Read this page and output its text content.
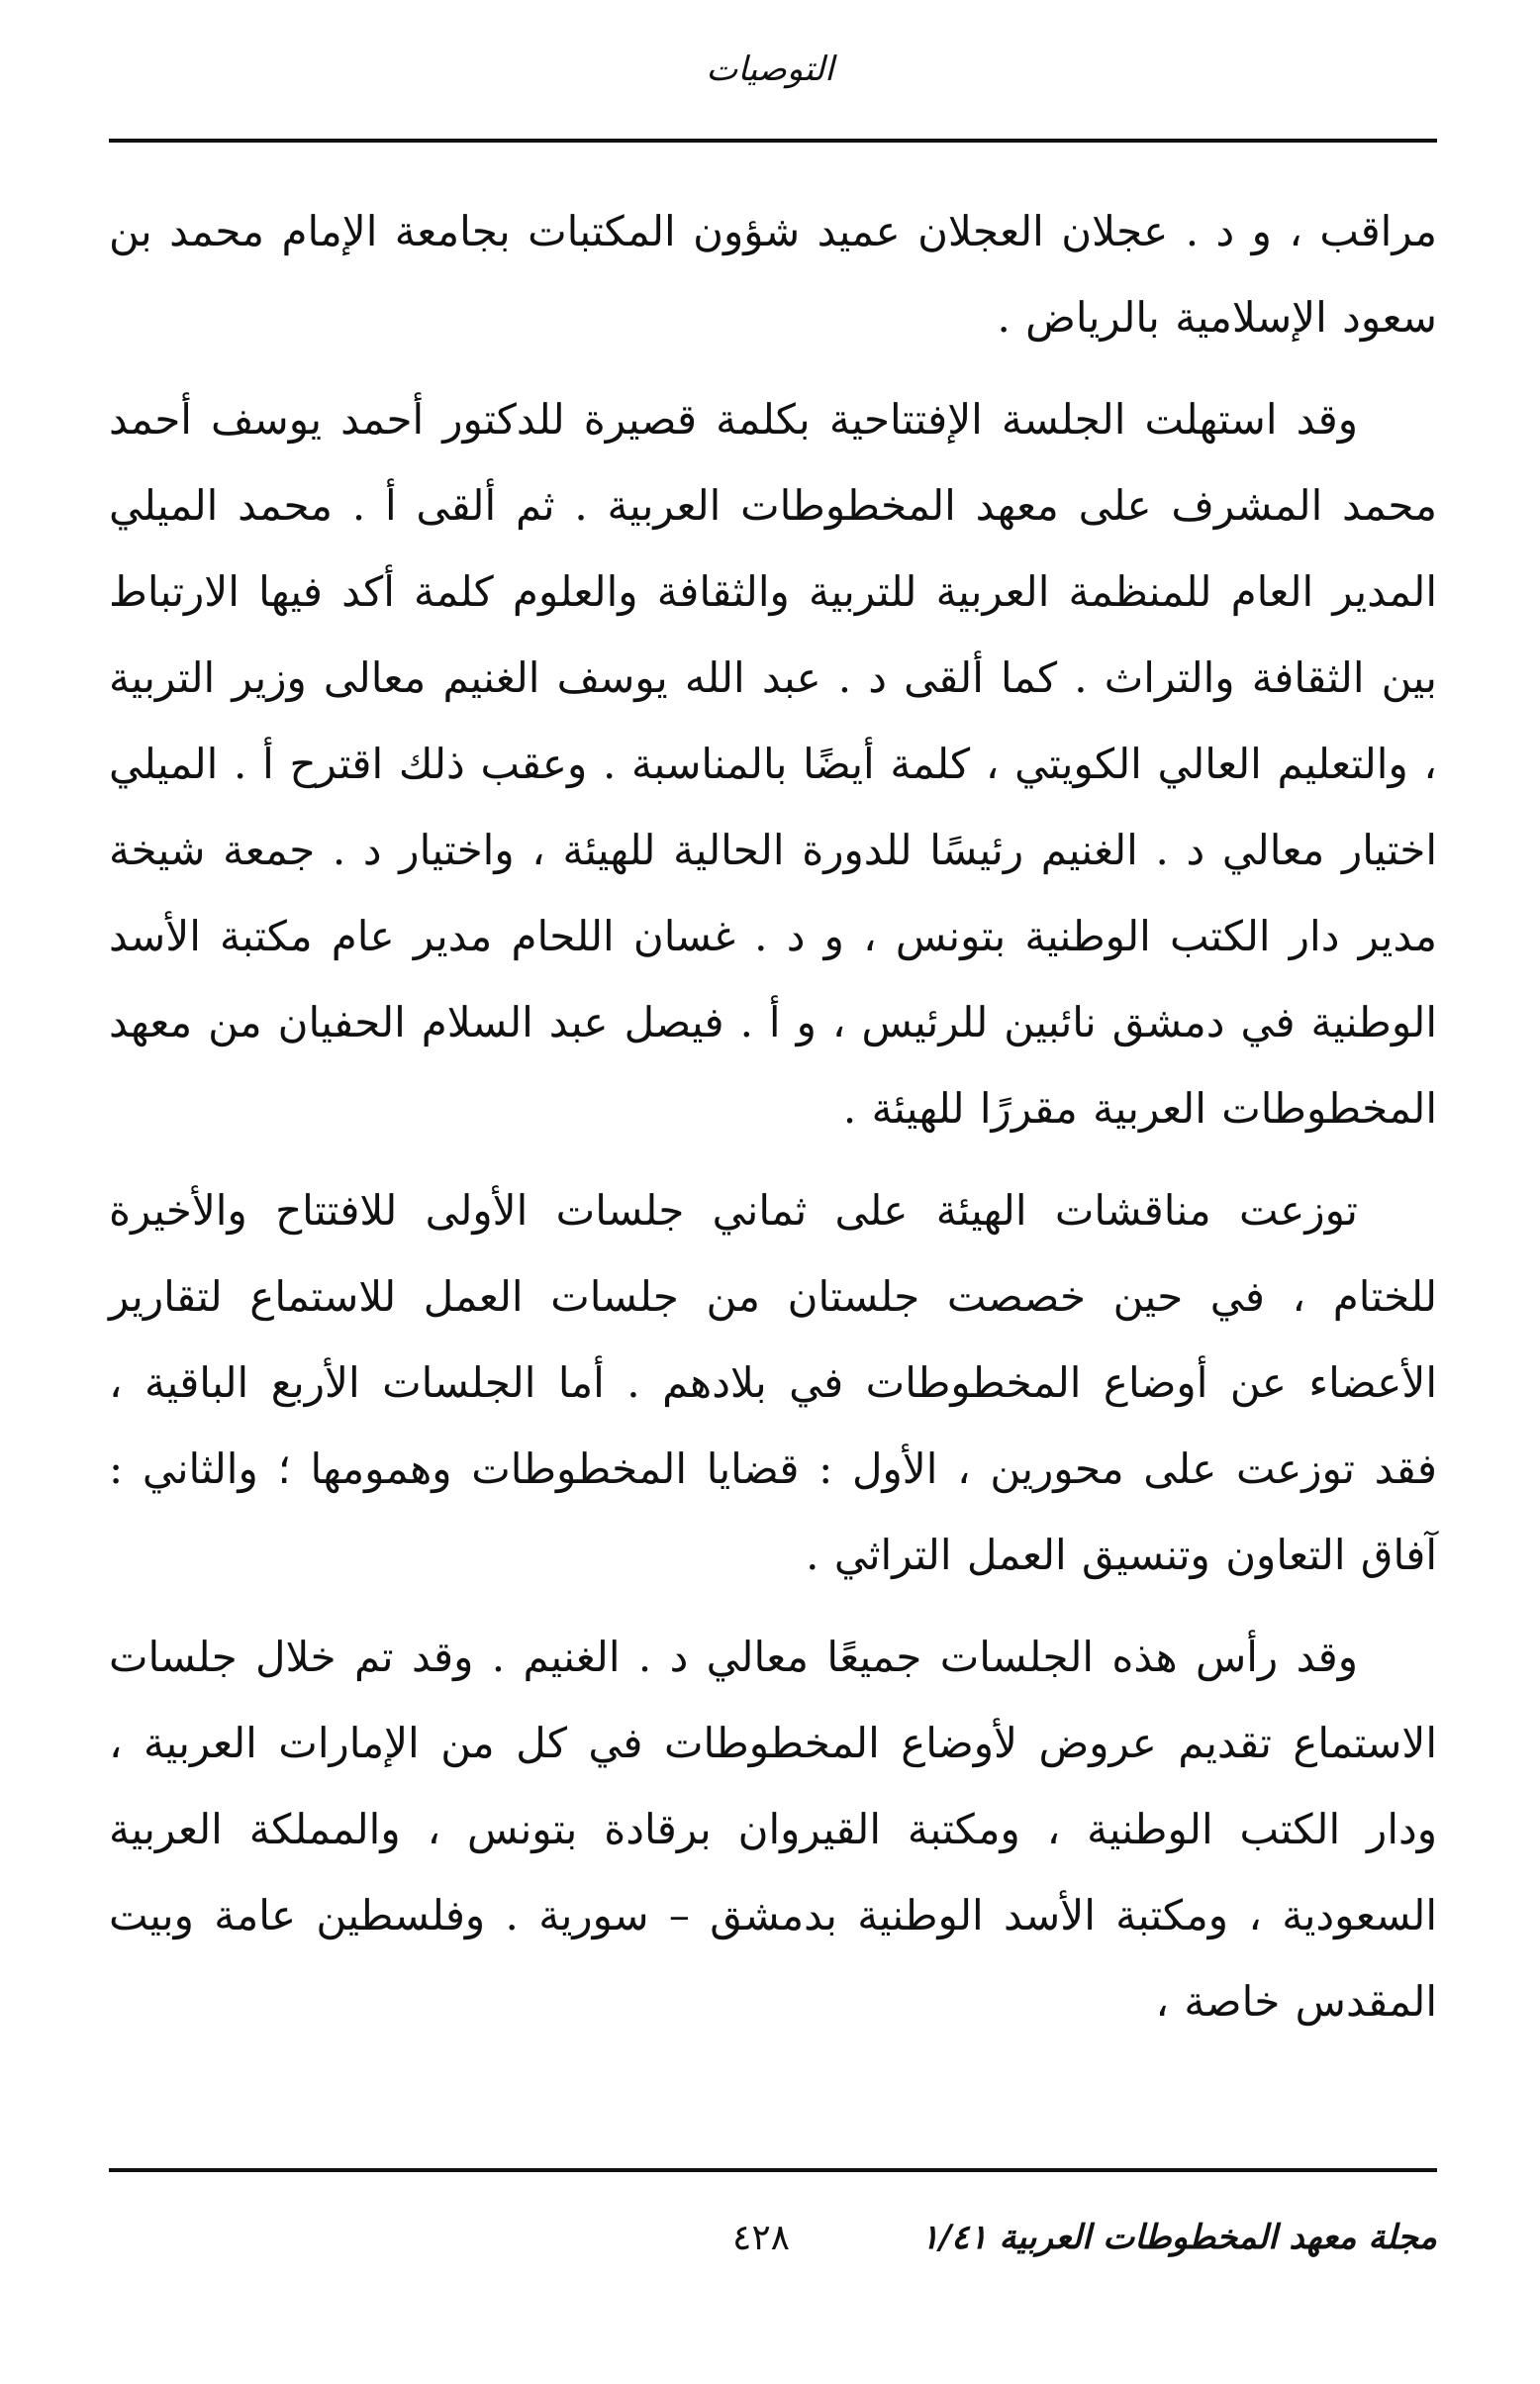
التوصيات

مراقب ، و د . عجلان العجلان عميد شؤون المكتبات بجامعة الإمام محمد بن سعود الإسلامية بالرياض .

وقد استهلت الجلسة الإفتتاحية بكلمة قصيرة للدكتور أحمد يوسف أحمد محمد المشرف على معهد المخطوطات العربية . ثم ألقى أ . محمد الميلي المدير العام للمنظمة العربية للتربية والثقافة والعلوم كلمة أكد فيها الارتباط بين الثقافة والتراث . كما ألقى د . عبد الله يوسف الغنيم معالى وزير التربية ، والتعليم العالي الكويتي ، كلمة أيضًا بالمناسبة . وعقب ذلك اقترح أ . الميلي اختيار معالي د . الغنيم رئيسًا للدورة الحالية للهيئة ، واختيار د . جمعة شيخة مدير دار الكتب الوطنية بتونس ، و د . غسان اللحام مدير عام مكتبة الأسد الوطنية في دمشق نائبين للرئيس ، و أ . فيصل عبد السلام الحفيان من معهد المخطوطات العربية مقررًا للهيئة .

توزعت مناقشات الهيئة على ثماني جلسات الأولى للافتتاح والأخيرة للختام ، في حين خصصت جلستان من جلسات العمل للاستماع لتقارير الأعضاء عن أوضاع المخطوطات في بلادهم . أما الجلسات الأربع الباقية ، فقد توزعت على محورين ، الأول : قضايا المخطوطات وهمومها ؛ والثاني : آفاق التعاون وتنسيق العمل التراثي .

وقد رأس هذه الجلسات جميعًا معالي د . الغنيم . وقد تم خلال جلسات الاستماع تقديم عروض لأوضاع المخطوطات في كل من الإمارات العربية ، ودار الكتب الوطنية ، ومكتبة القيروان برقادة بتونس ، والمملكة العربية السعودية ، ومكتبة الأسد الوطنية بدمشق – سورية . وفلسطين عامة وبيت المقدس خاصة ،

مجلة معهد المخطوطات العربية ١/٤١
٤٢٨
